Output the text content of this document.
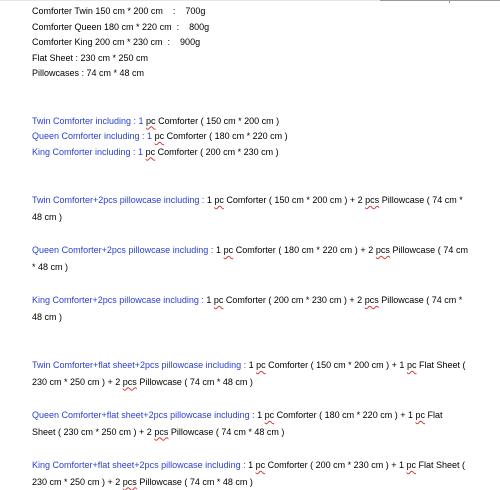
Comforter Twin 150 cm * 200 cm    :    700g
Comforter Queen 180 cm * 220 cm  :    800g
Comforter King 200 cm * 230 cm  :    900g
Flat Sheet : 230 cm * 250 cm
Pillowcases : 74 cm * 48 cm
Twin Comforter including : 1 pc Comforter ( 150 cm * 200 cm )
Queen Comforter including : 1 pc Comforter ( 180 cm * 220 cm )
King Comforter including : 1 pc Comforter ( 200 cm * 230 cm )

Twin Comforter+2pcs pillowcase including : 1 pc Comforter ( 150 cm * 200 cm ) + 2 pcs Pillowcase ( 74 cm * 48 cm )

Queen Comforter+2pcs pillowcase including : 1 pc Comforter ( 180 cm * 220 cm ) + 2 pcs Pillowcase ( 74 cm * 48 cm )

King Comforter+2pcs pillowcase including : 1 pc Comforter ( 200 cm * 230 cm ) + 2 pcs Pillowcase ( 74 cm * 48 cm )

Twin Comforter+flat sheet+2pcs pillowcase including : 1 pc Comforter ( 150 cm * 200 cm ) + 1 pc Flat Sheet ( 230 cm * 250 cm ) + 2 pcs Pillowcase ( 74 cm * 48 cm )

Queen Comforter+flat sheet+2pcs pillowcase including : 1 pc Comforter ( 180 cm * 220 cm ) + 1 pc Flat Sheet ( 230 cm * 250 cm ) + 2 pcs Pillowcase ( 74 cm * 48 cm )

King Comforter+flat sheet+2pcs pillowcase including : 1 pc Comforter ( 200 cm * 230 cm ) + 1 pc Flat Sheet ( 230 cm * 250 cm ) + 2 pcs Pillowcase ( 74 cm * 48 cm )
